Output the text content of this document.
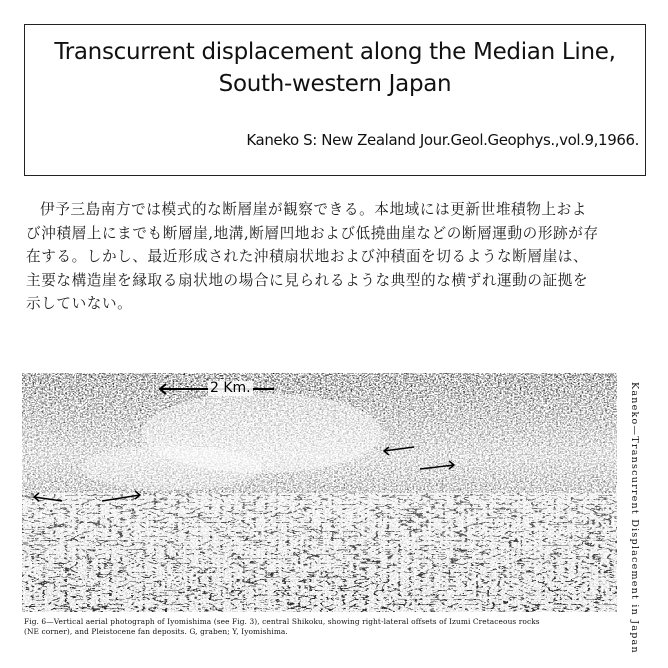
Transcurrent displacement along the Median Line,
South-western Japan
Kaneko S: New Zealand Jour.Geol.Geophys.,vol.9,1966.
伊予三島南方では模式的な断層崖が観察できる。本地域には更新世堆積物上およ
び沖積層上にまでも断層崖,地溝,断層凹地および低撓曲崖などの断層運動の形跡が存
在する。しかし、最近形成された沖積扇状地および沖積面を切るような断層崖は、
主要な構造崖を縁取る扇状地の場合に見られるような典型的な横ずれ運動の証拠を
示していない。
2 Km.
Fig. 6—Vertical aerial photograph of Iyomishima (see Fig. 3), central Shikoku, showing right-lateral offsets of Izumi Cretaceous rocks
(NE corner), and Pleistocene fan deposits. G, graben; Y, Iyomishima.	Kaneko—Transcurrent Displacement in Japan
